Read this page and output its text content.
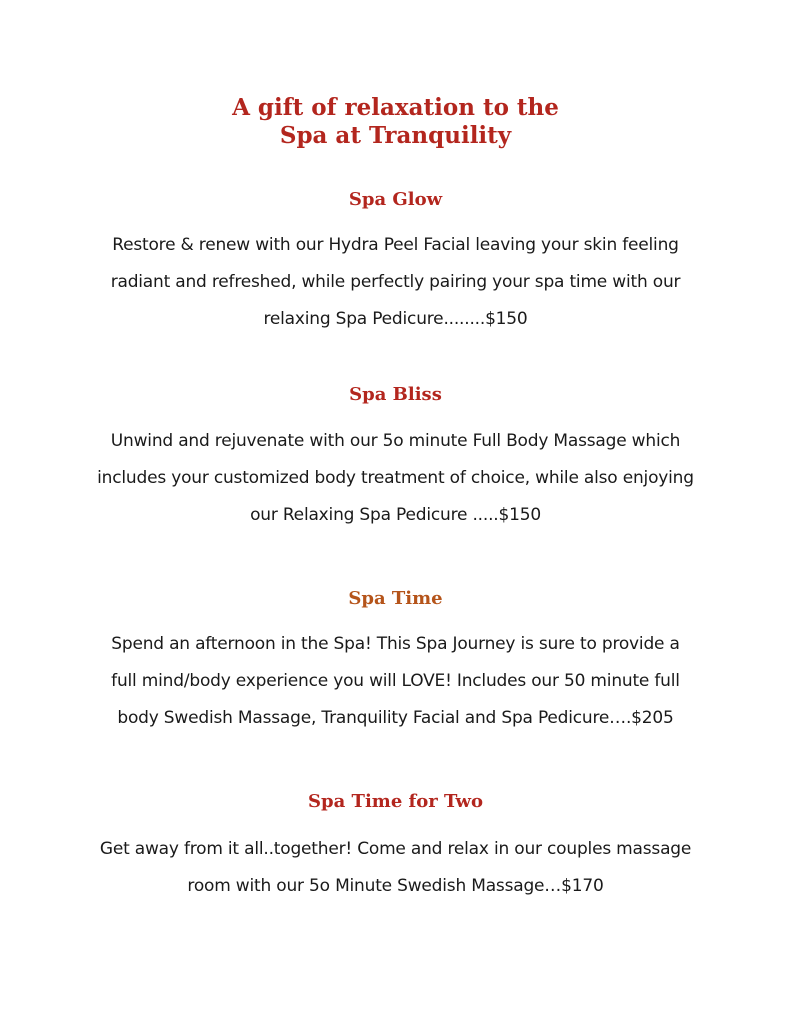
A gift of relaxation to the
Spa at Tranquility
Spa Glow
Restore & renew with our Hydra Peel Facial leaving your skin feeling
radiant and refreshed, while perfectly pairing your spa time with our
relaxing Spa Pedicure........$150
Spa Bliss
Unwind and rejuvenate with our 5o minute Full Body Massage which
includes your customized body treatment of choice, while also enjoying
our Relaxing Spa Pedicure .....$150
Spa Time
Spend an afternoon in the Spa! This Spa Journey is sure to provide a
full mind/body experience you will LOVE! Includes our 50 minute full
body Swedish Massage, Tranquility Facial and Spa Pedicure….$205
Spa Time for Two
Get away from it all..together! Come and relax in our couples massage
room with our 5o Minute Swedish Massage…$170
